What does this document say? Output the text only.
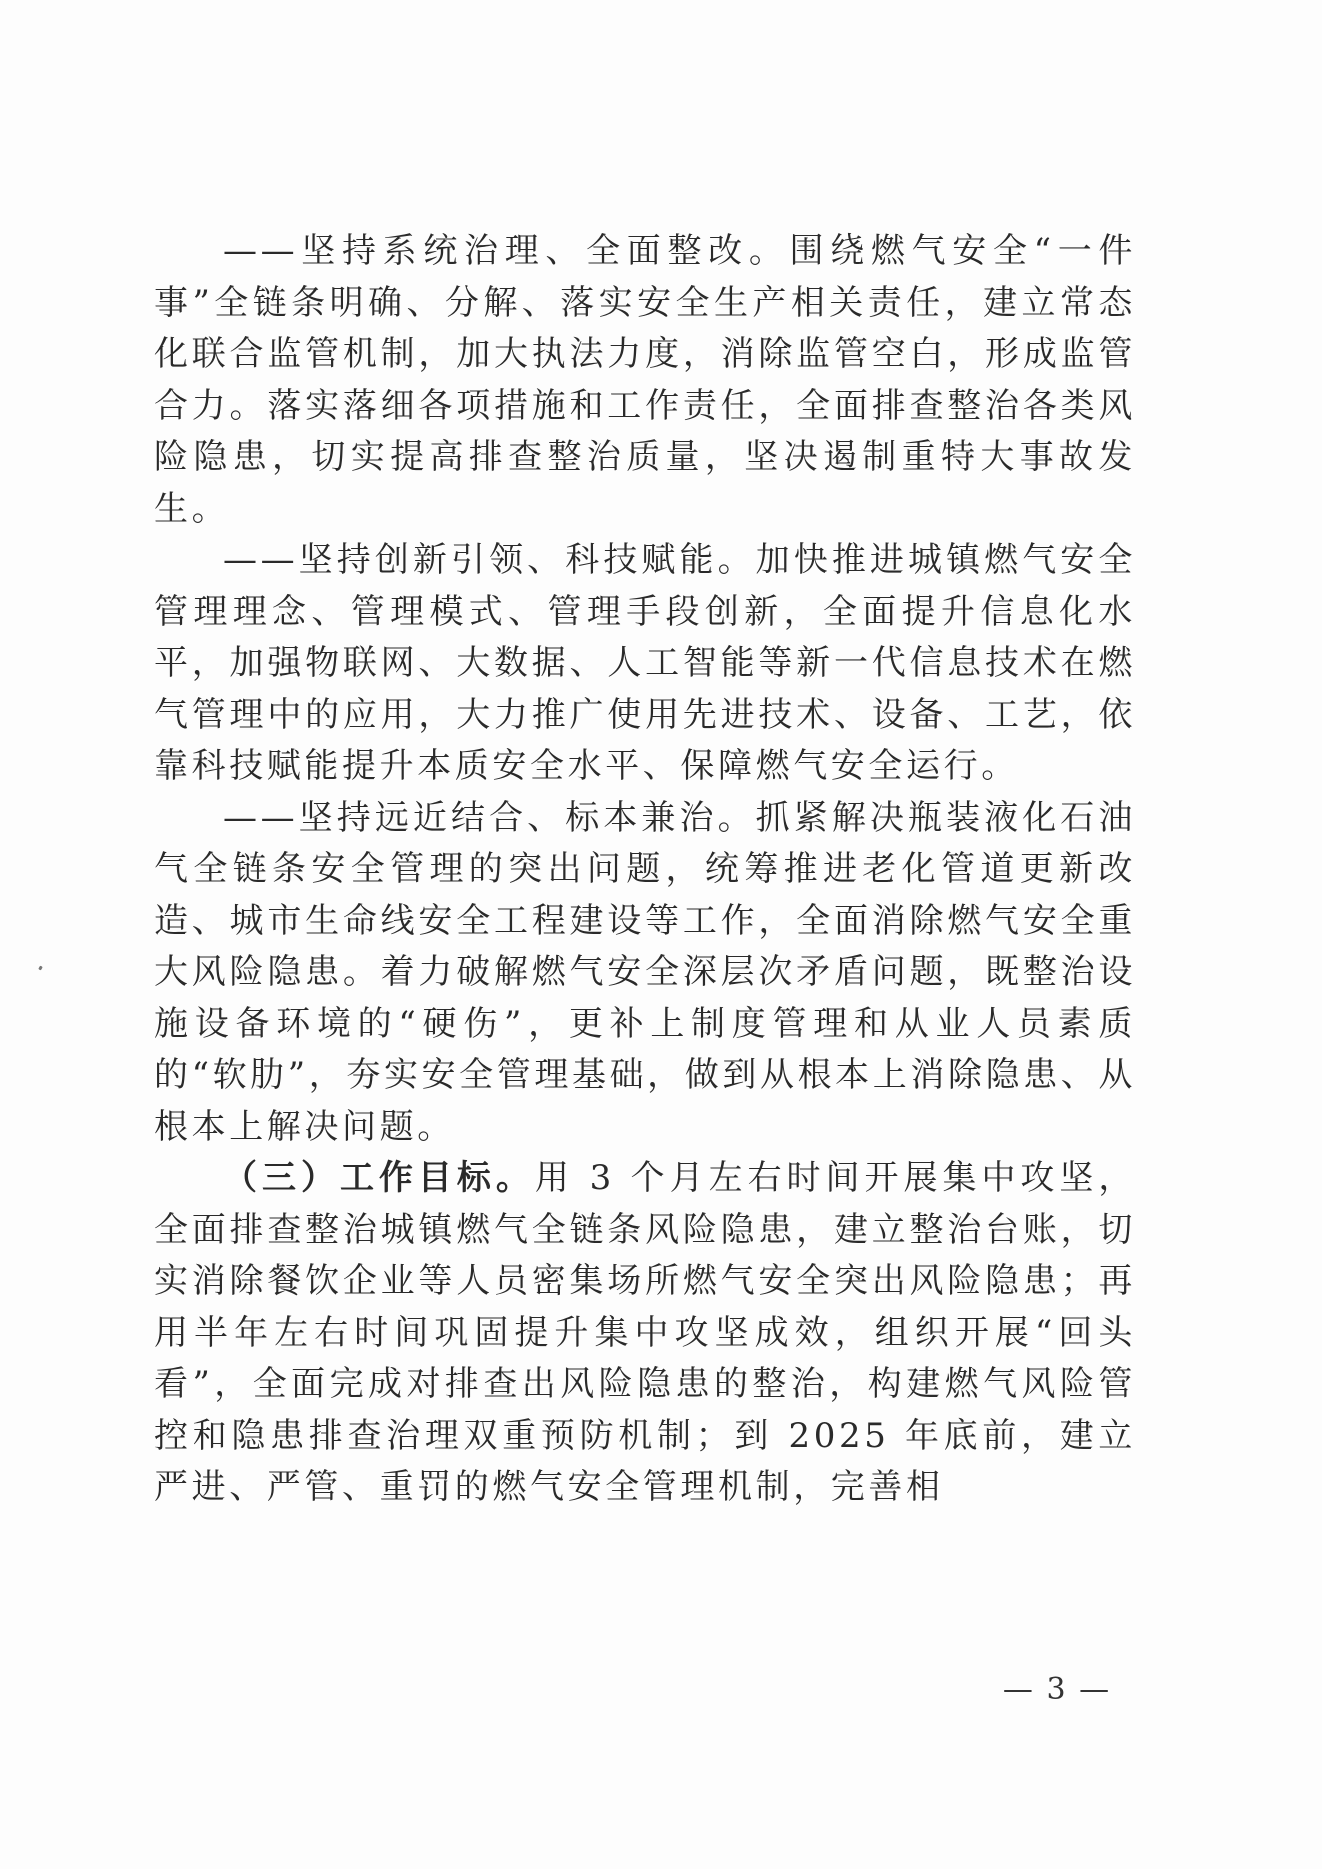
——坚持系统治理、全面整改。围绕燃气安全“一件事”全链条明确、分解、落实安全生产相关责任，建立常态化联合监管机制，加大执法力度，消除监管空白，形成监管合力。落实落细各项措施和工作责任，全面排查整治各类风险隐患，切实提高排查整治质量，坚决遏制重特大事故发生。

——坚持创新引领、科技赋能。加快推进城镇燃气安全管理理念、管理模式、管理手段创新，全面提升信息化水平，加强物联网、大数据、人工智能等新一代信息技术在燃气管理中的应用，大力推广使用先进技术、设备、工艺，依靠科技赋能提升本质安全水平、保障燃气安全运行。

——坚持远近结合、标本兼治。抓紧解决瓶装液化石油气全链条安全管理的突出问题，统筹推进老化管道更新改造、城市生命线安全工程建设等工作，全面消除燃气安全重大风险隐患。着力破解燃气安全深层次矛盾问题，既整治设施设备环境的“硬伤”，更补上制度管理和从业人员素质的“软肋”，夯实安全管理基础，做到从根本上消除隐患、从根本上解决问题。

（三）工作目标。用 3 个月左右时间开展集中攻坚，全面排查整治城镇燃气全链条风险隐患，建立整治台账，切实消除餐饮企业等人员密集场所燃气安全突出风险隐患；再用半年左右时间巩固提升集中攻坚成效，组织开展“回头看”，全面完成对排查出风险隐患的整治，构建燃气风险管控和隐患排查治理双重预防机制；到 2025 年底前，建立严进、严管、重罚的燃气安全管理机制，完善相

— 3 —
